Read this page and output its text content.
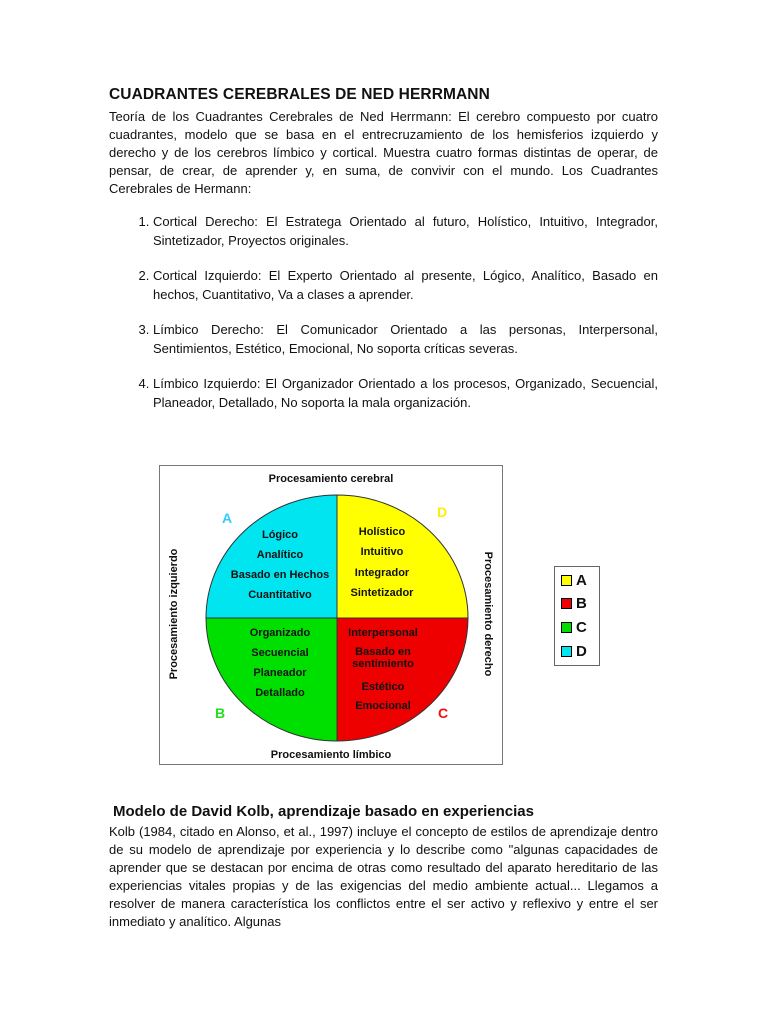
CUADRANTES CEREBRALES DE NED HERRMANN
Teoría de los Cuadrantes Cerebrales de Ned Herrmann: El cerebro compuesto por cuatro cuadrantes, modelo que se basa en el entrecruzamiento de los hemisferios izquierdo y derecho y de los cerebros límbico y cortical. Muestra cuatro formas distintas de operar, de pensar, de crear, de aprender y, en suma, de convivir con el mundo. Los Cuadrantes Cerebrales de Hermann:
1. Cortical Derecho: El Estratega Orientado al futuro, Holístico, Intuitivo, Integrador, Sintetizador, Proyectos originales.
2. Cortical Izquierdo: El Experto Orientado al presente, Lógico, Analítico, Basado en hechos, Cuantitativo, Va a clases a aprender.
3. Límbico Derecho: El Comunicador Orientado a las personas, Interpersonal, Sentimientos, Estético, Emocional, No soporta críticas severas.
4. Límbico Izquierdo: El Organizador Orientado a los procesos, Organizado, Secuencial, Planeador, Detallado, No soporta la mala organización.
Procesamiento cerebral
Procesamiento límbico
Procesamiento izquierdo	Procesamiento derecho
A	D
B	C
Lógico
Analítico
Basado en Hechos
Cuantitativo
Holístico
Intuitivo
Integrador
Sintetizador
Organizado
Secuencial
Planeador
Detallado
Interpersonal
Basado en sentimiento
Estético
Emocional
A
B
C
D
Modelo de David Kolb, aprendizaje basado en experiencias
Kolb (1984, citado en Alonso, et al., 1997) incluye el concepto de estilos de aprendizaje dentro de su modelo de aprendizaje por experiencia y lo describe como "algunas capacidades de aprender que se destacan por encima de otras como resultado del aparato hereditario de las experiencias vitales propias y de las exigencias del medio ambiente actual... Llegamos a resolver de manera característica los conflictos entre el ser activo y reflexivo y entre el ser inmediato y analítico. Algunas
